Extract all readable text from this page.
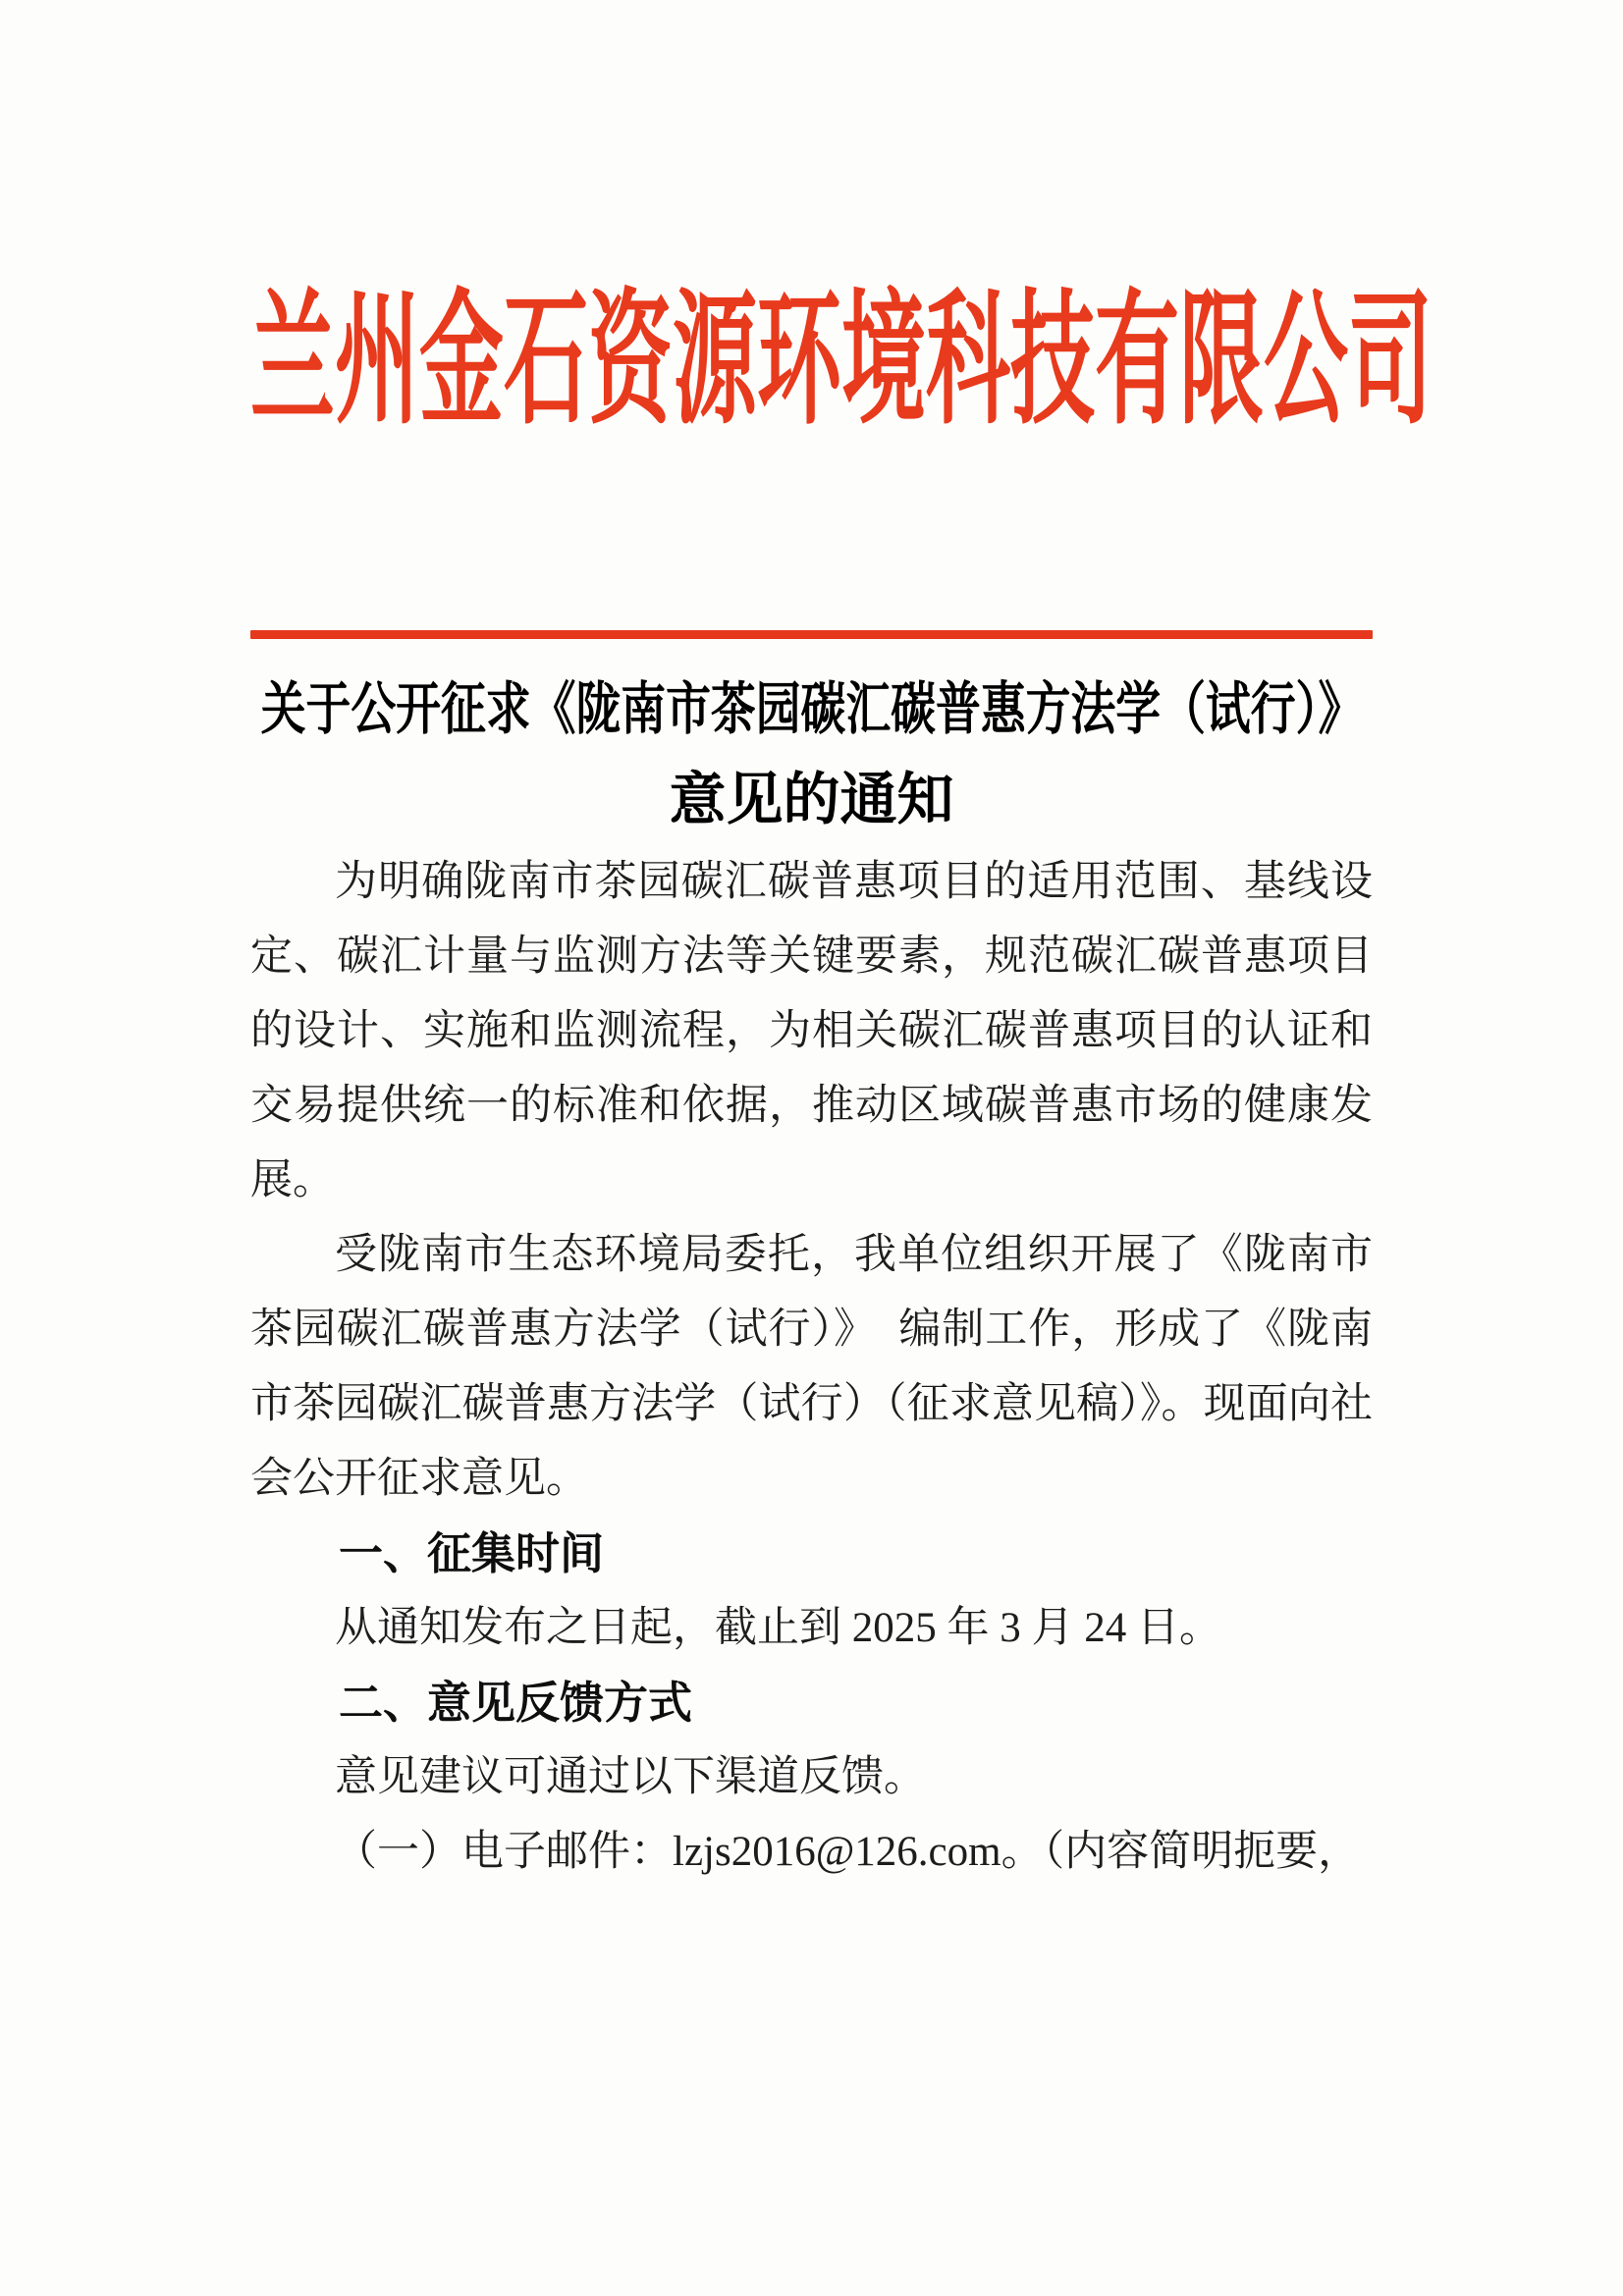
兰 州 金 石 资 源 环 境 科 技 有 限 公 司
关于公开征求《陇南市茶园碳汇碳普惠方法学（试行）》
意见的通知

为明确陇南市茶园碳汇碳普惠项目的适用范围、基线设定、碳汇计量与监测方法等关键要素，规范碳汇碳普惠项目的设计、实施和监测流程，为相关碳汇碳普惠项目的认证和交易提供统一的标准和依据，推动区域碳普惠市场的健康发展。

受陇南市生态环境局委托，我单位组织开展了《陇南市茶园碳汇碳普惠方法学（试行）》　编制工作，形成了《陇南市茶园碳汇碳普惠方法学（试行）（征求意见稿）》。现面向社会公开征求意见。

一、征集时间

从通知发布之日起，截止到 2025 年 3 月 24 日。

二、意见反馈方式

意见建议可通过以下渠道反馈。

（一）电子邮件：lzjs2016@126.com。（内容简明扼要，
